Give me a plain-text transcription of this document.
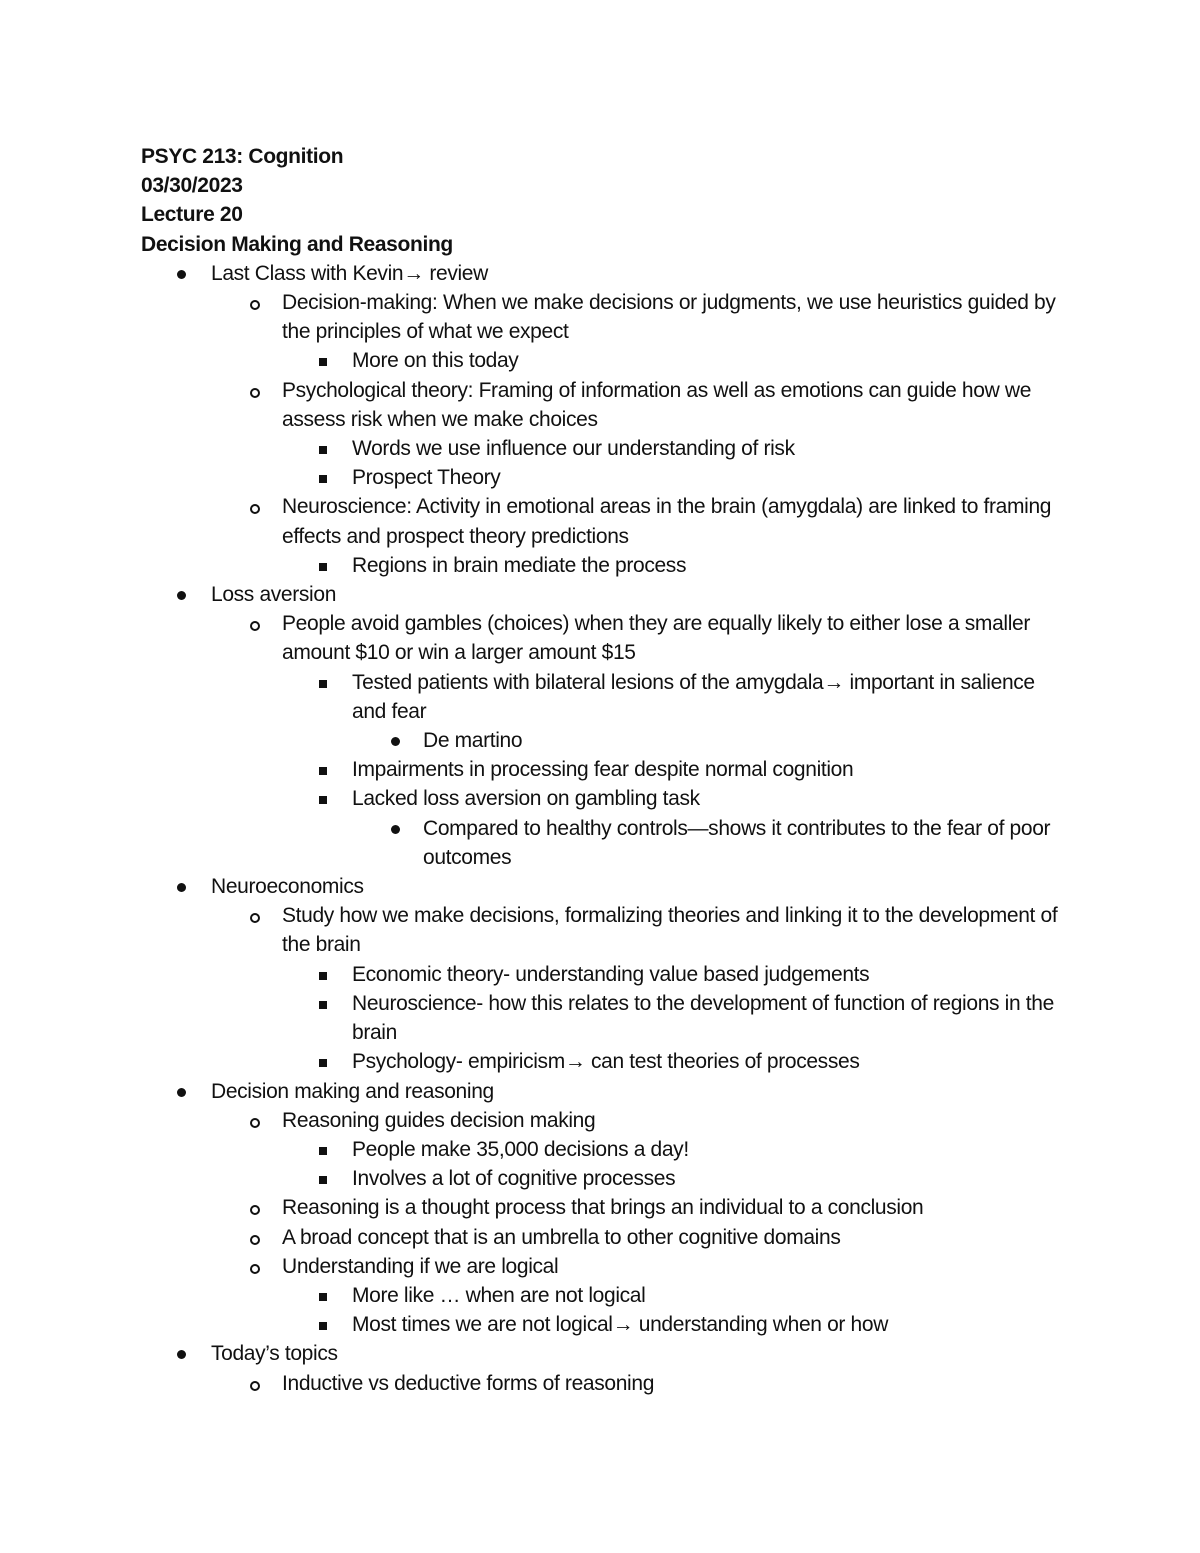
PSYC 213: Cognition

03/30/2023

Lecture 20

Decision Making and Reasoning

Last Class with Kevin→ review
Decision-making: When we make decisions or judgments, we use heuristics guided by the principles of what we expect
More on this today
Psychological theory: Framing of information as well as emotions can guide how we assess risk when we make choices
Words we use influence our understanding of risk
Prospect Theory
Neuroscience: Activity in emotional areas in the brain (amygdala) are linked to framing effects and prospect theory predictions
Regions in brain mediate the process
Loss aversion
People avoid gambles (choices) when they are equally likely to either lose a smaller amount $10 or win a larger amount $15
Tested patients with bilateral lesions of the amygdala→ important in salience and fear
De martino
Impairments in processing fear despite normal cognition
Lacked loss aversion on gambling task
Compared to healthy controls—shows it contributes to the fear of poor outcomes
Neuroeconomics
Study how we make decisions, formalizing theories and linking it to the development of the brain
Economic theory- understanding value based judgements
Neuroscience- how this relates to the development of function of regions in the brain
Psychology- empiricism→ can test theories of processes
Decision making and reasoning
Reasoning guides decision making
People make 35,000 decisions a day!
Involves a lot of cognitive processes
Reasoning is a thought process that brings an individual to a conclusion
A broad concept that is an umbrella to other cognitive domains
Understanding if we are logical
More like … when are not logical
Most times we are not logical→ understanding when or how
Today’s topics
Inductive vs deductive forms of reasoning
